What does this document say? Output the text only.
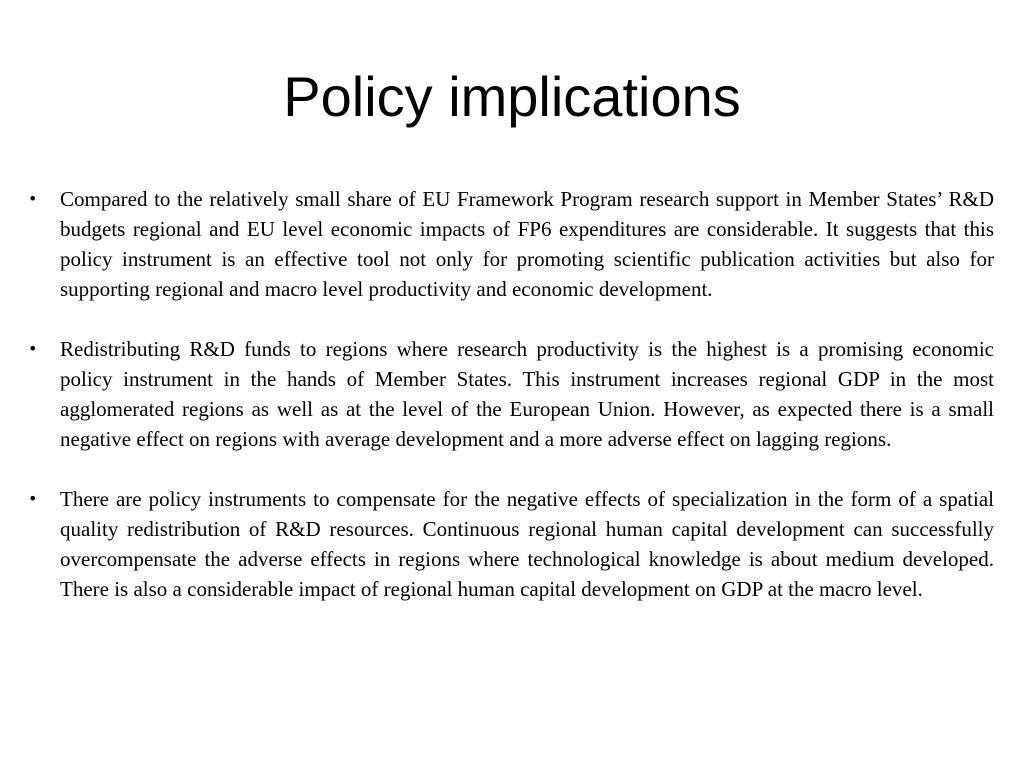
Policy implications
• Compared to the relatively small share of EU Framework Program research support in Member States’ R&D budgets regional and EU level economic impacts of FP6 expenditures are considerable. It suggests that this policy instrument is an effective tool not only for promoting scientific publication activities but also for supporting regional and macro level productivity and economic development.
• Redistributing R&D funds to regions where research productivity is the highest is a promising economic policy instrument in the hands of Member States. This instrument increases regional GDP in the most agglomerated regions as well as at the level of the European Union. However, as expected there is a small negative effect on regions with average development and a more adverse effect on lagging regions.
• There are policy instruments to compensate for the negative effects of specialization in the form of a spatial quality redistribution of R&D resources. Continuous regional human capital development can successfully overcompensate the adverse effects in regions where technological knowledge is about medium developed. There is also a considerable impact of regional human capital development on GDP at the macro level.
